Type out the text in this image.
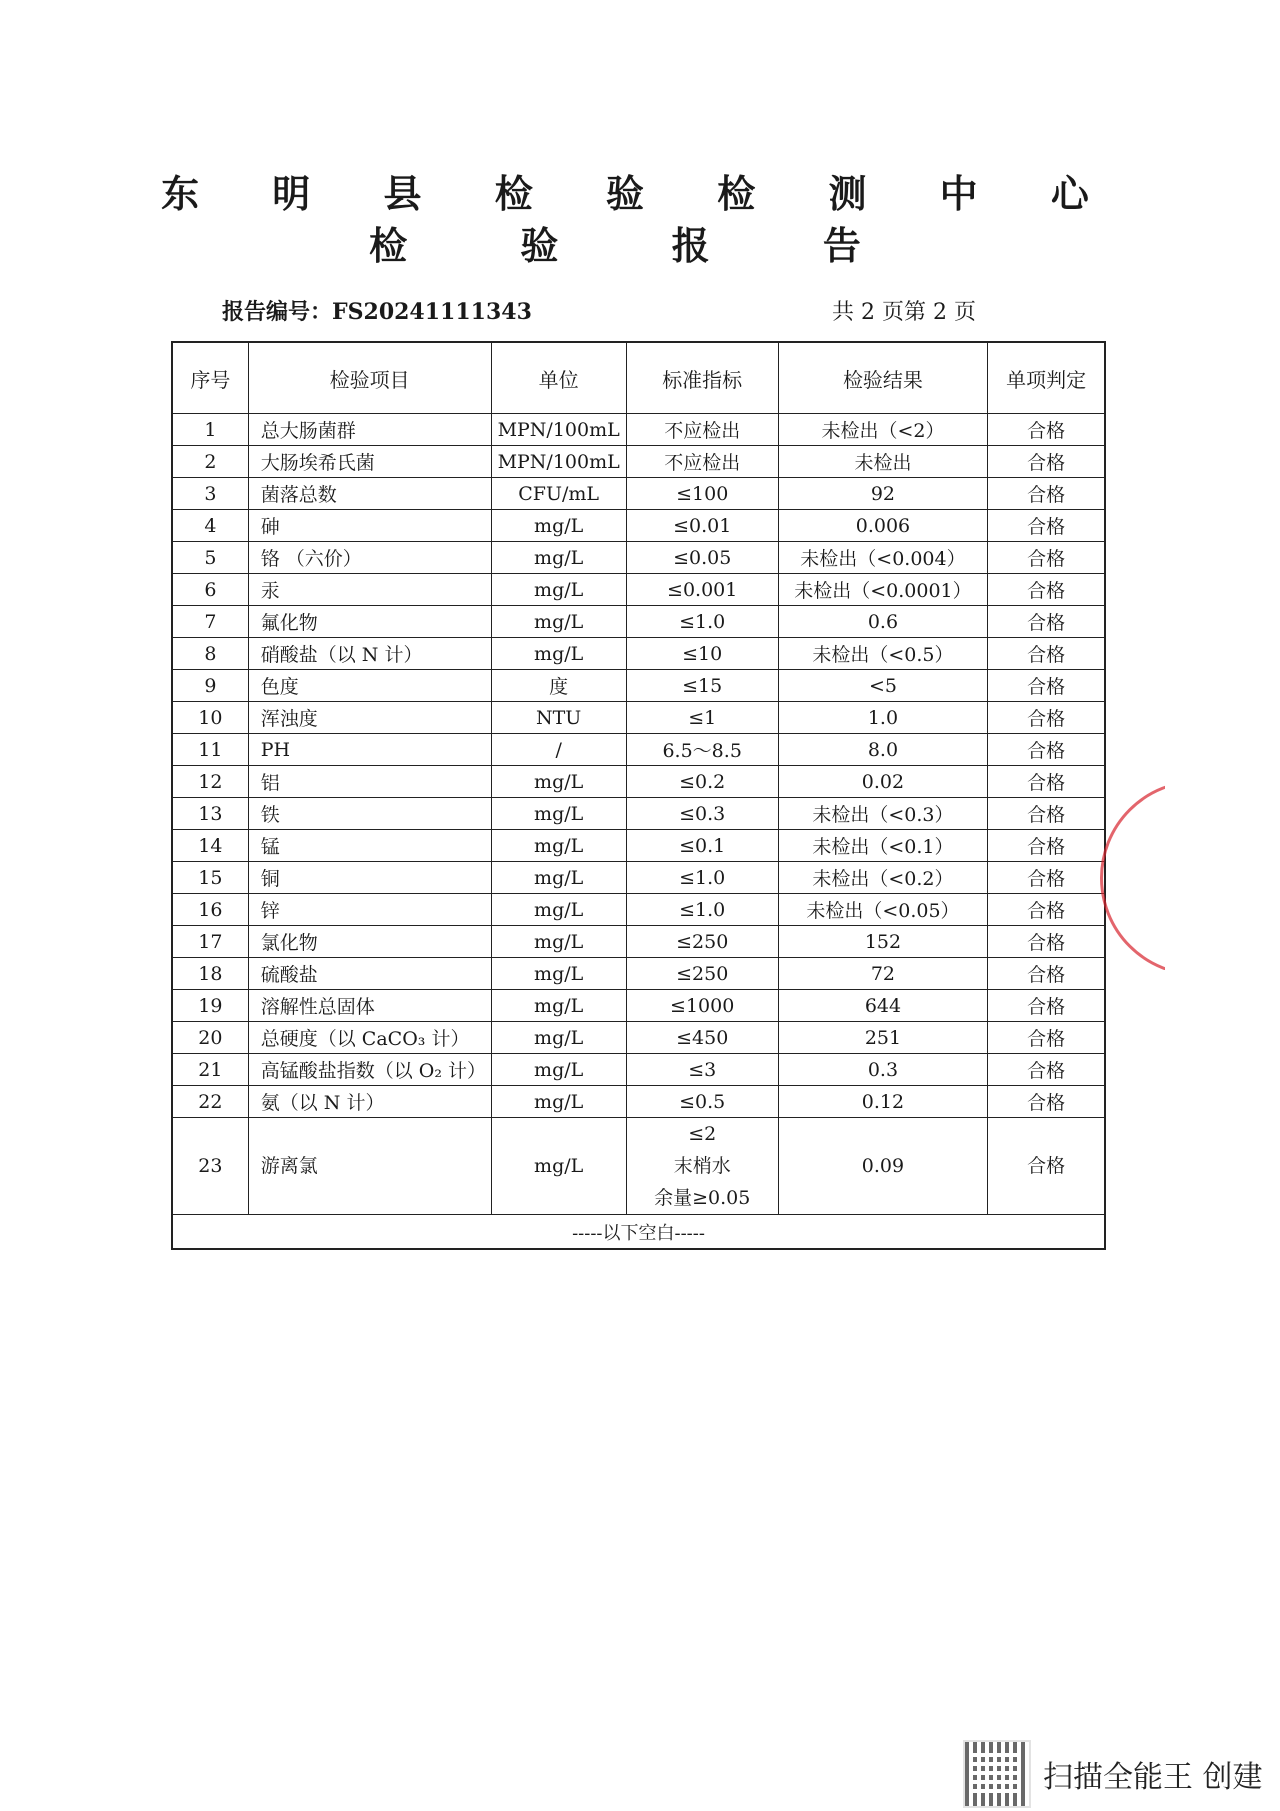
东 明 县 检 验 检 测 中 心
检 验 报 告
报告编号：FS20241111343	共 2 页第 2 页
序号	检验项目	单位	标准指标	检验结果	单项判定
1	总大肠菌群	MPN/100mL	不应检出	未检出（<2）	合格
2	大肠埃希氏菌	MPN/100mL	不应检出	未检出	合格
3	菌落总数	CFU/mL	≤100	92	合格
4	砷	mg/L	≤0.01	0.006	合格
5	铬 （六价）	mg/L	≤0.05	未检出（<0.004）	合格
6	汞	mg/L	≤0.001	未检出（<0.0001）	合格
7	氟化物	mg/L	≤1.0	0.6	合格
8	硝酸盐（以 N 计）	mg/L	≤10	未检出（<0.5）	合格
9	色度	度	≤15	<5	合格
10	浑浊度	NTU	≤1	1.0	合格
11	PH	/	6.5～8.5	8.0	合格
12	铝	mg/L	≤0.2	0.02	合格
13	铁	mg/L	≤0.3	未检出（<0.3）	合格
14	锰	mg/L	≤0.1	未检出（<0.1）	合格
15	铜	mg/L	≤1.0	未检出（<0.2）	合格
16	锌	mg/L	≤1.0	未检出（<0.05）	合格
17	氯化物	mg/L	≤250	152	合格
18	硫酸盐	mg/L	≤250	72	合格
19	溶解性总固体	mg/L	≤1000	644	合格
20	总硬度（以 CaCO₃ 计）	mg/L	≤450	251	合格
21	高锰酸盐指数（以 O₂ 计）	mg/L	≤3	0.3	合格
22	氨（以 N 计）	mg/L	≤0.5	0.12	合格
23	游离氯	mg/L	≤2
末梢水
余量≥0.05	0.09	合格
-----以下空白-----					
扫描全能王 创建
